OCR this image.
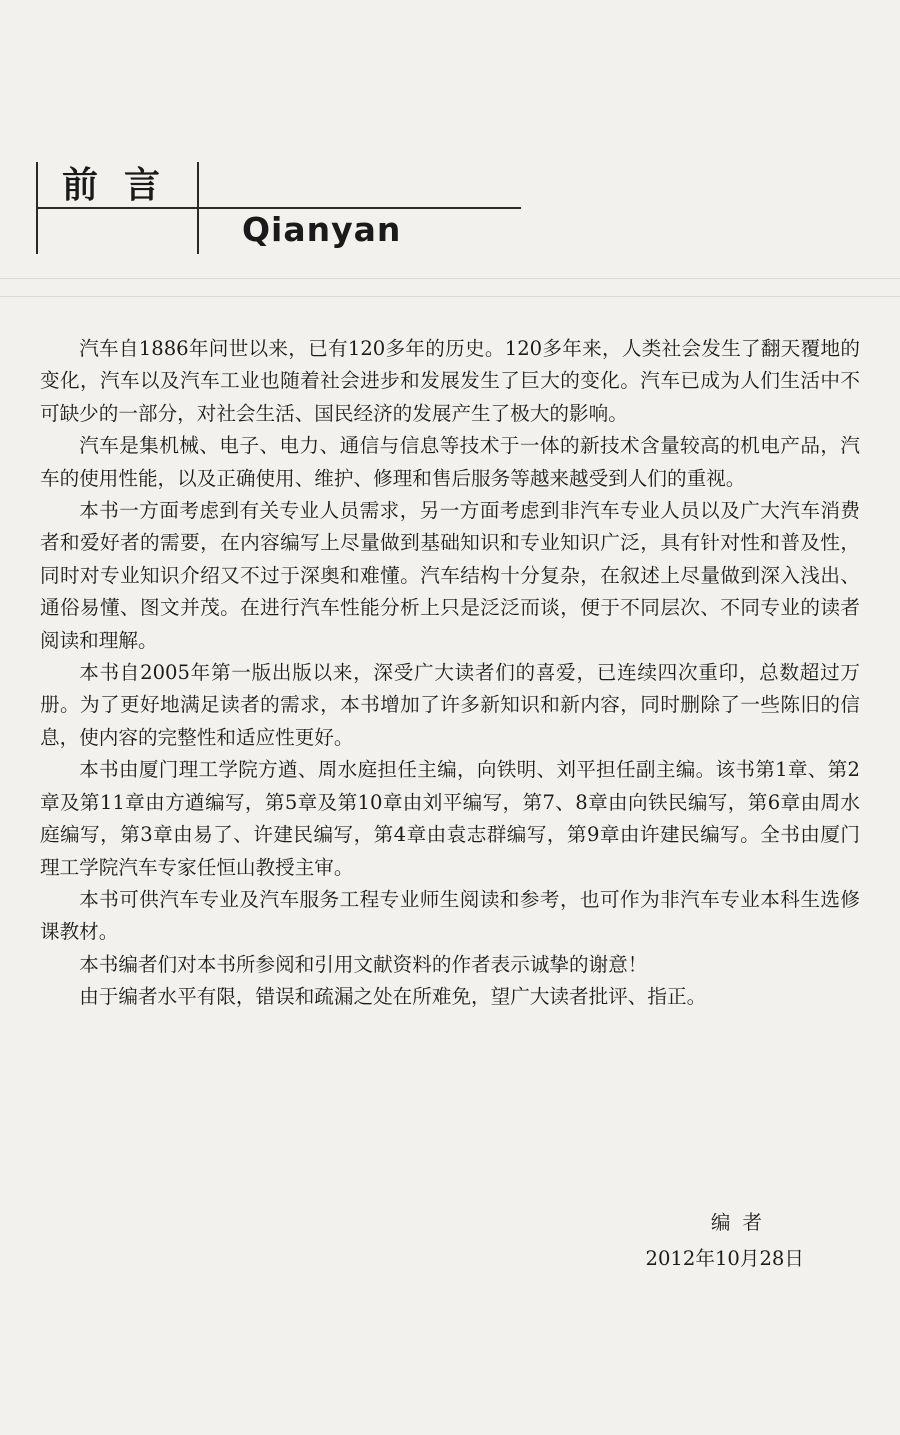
前言
Qianyan

汽车自1886年问世以来，已有120多年的历史。120多年来，人类社会发生了翻天覆地的变化，汽车以及汽车工业也随着社会进步和发展发生了巨大的变化。汽车已成为人们生活中不可缺少的一部分，对社会生活、国民经济的发展产生了极大的影响。

汽车是集机械、电子、电力、通信与信息等技术于一体的新技术含量较高的机电产品，汽车的使用性能，以及正确使用、维护、修理和售后服务等越来越受到人们的重视。

本书一方面考虑到有关专业人员需求，另一方面考虑到非汽车专业人员以及广大汽车消费者和爱好者的需要，在内容编写上尽量做到基础知识和专业知识广泛，具有针对性和普及性，同时对专业知识介绍又不过于深奥和难懂。汽车结构十分复杂，在叙述上尽量做到深入浅出、通俗易懂、图文并茂。在进行汽车性能分析上只是泛泛而谈，便于不同层次、不同专业的读者阅读和理解。

本书自2005年第一版出版以来，深受广大读者们的喜爱，已连续四次重印，总数超过万册。为了更好地满足读者的需求，本书增加了许多新知识和新内容，同时删除了一些陈旧的信息，使内容的完整性和适应性更好。

本书由厦门理工学院方遒、周水庭担任主编，向铁明、刘平担任副主编。该书第1章、第2章及第11章由方遒编写，第5章及第10章由刘平编写，第7、8章由向铁民编写，第6章由周水庭编写，第3章由易了、许建民编写，第4章由袁志群编写，第9章由许建民编写。全书由厦门理工学院汽车专家任恒山教授主审。

本书可供汽车专业及汽车服务工程专业师生阅读和参考，也可作为非汽车专业本科生选修课教材。

本书编者们对本书所参阅和引用文献资料的作者表示诚挚的谢意！

由于编者水平有限，错误和疏漏之处在所难免，望广大读者批评、指正。

编者
2012年10月28日
